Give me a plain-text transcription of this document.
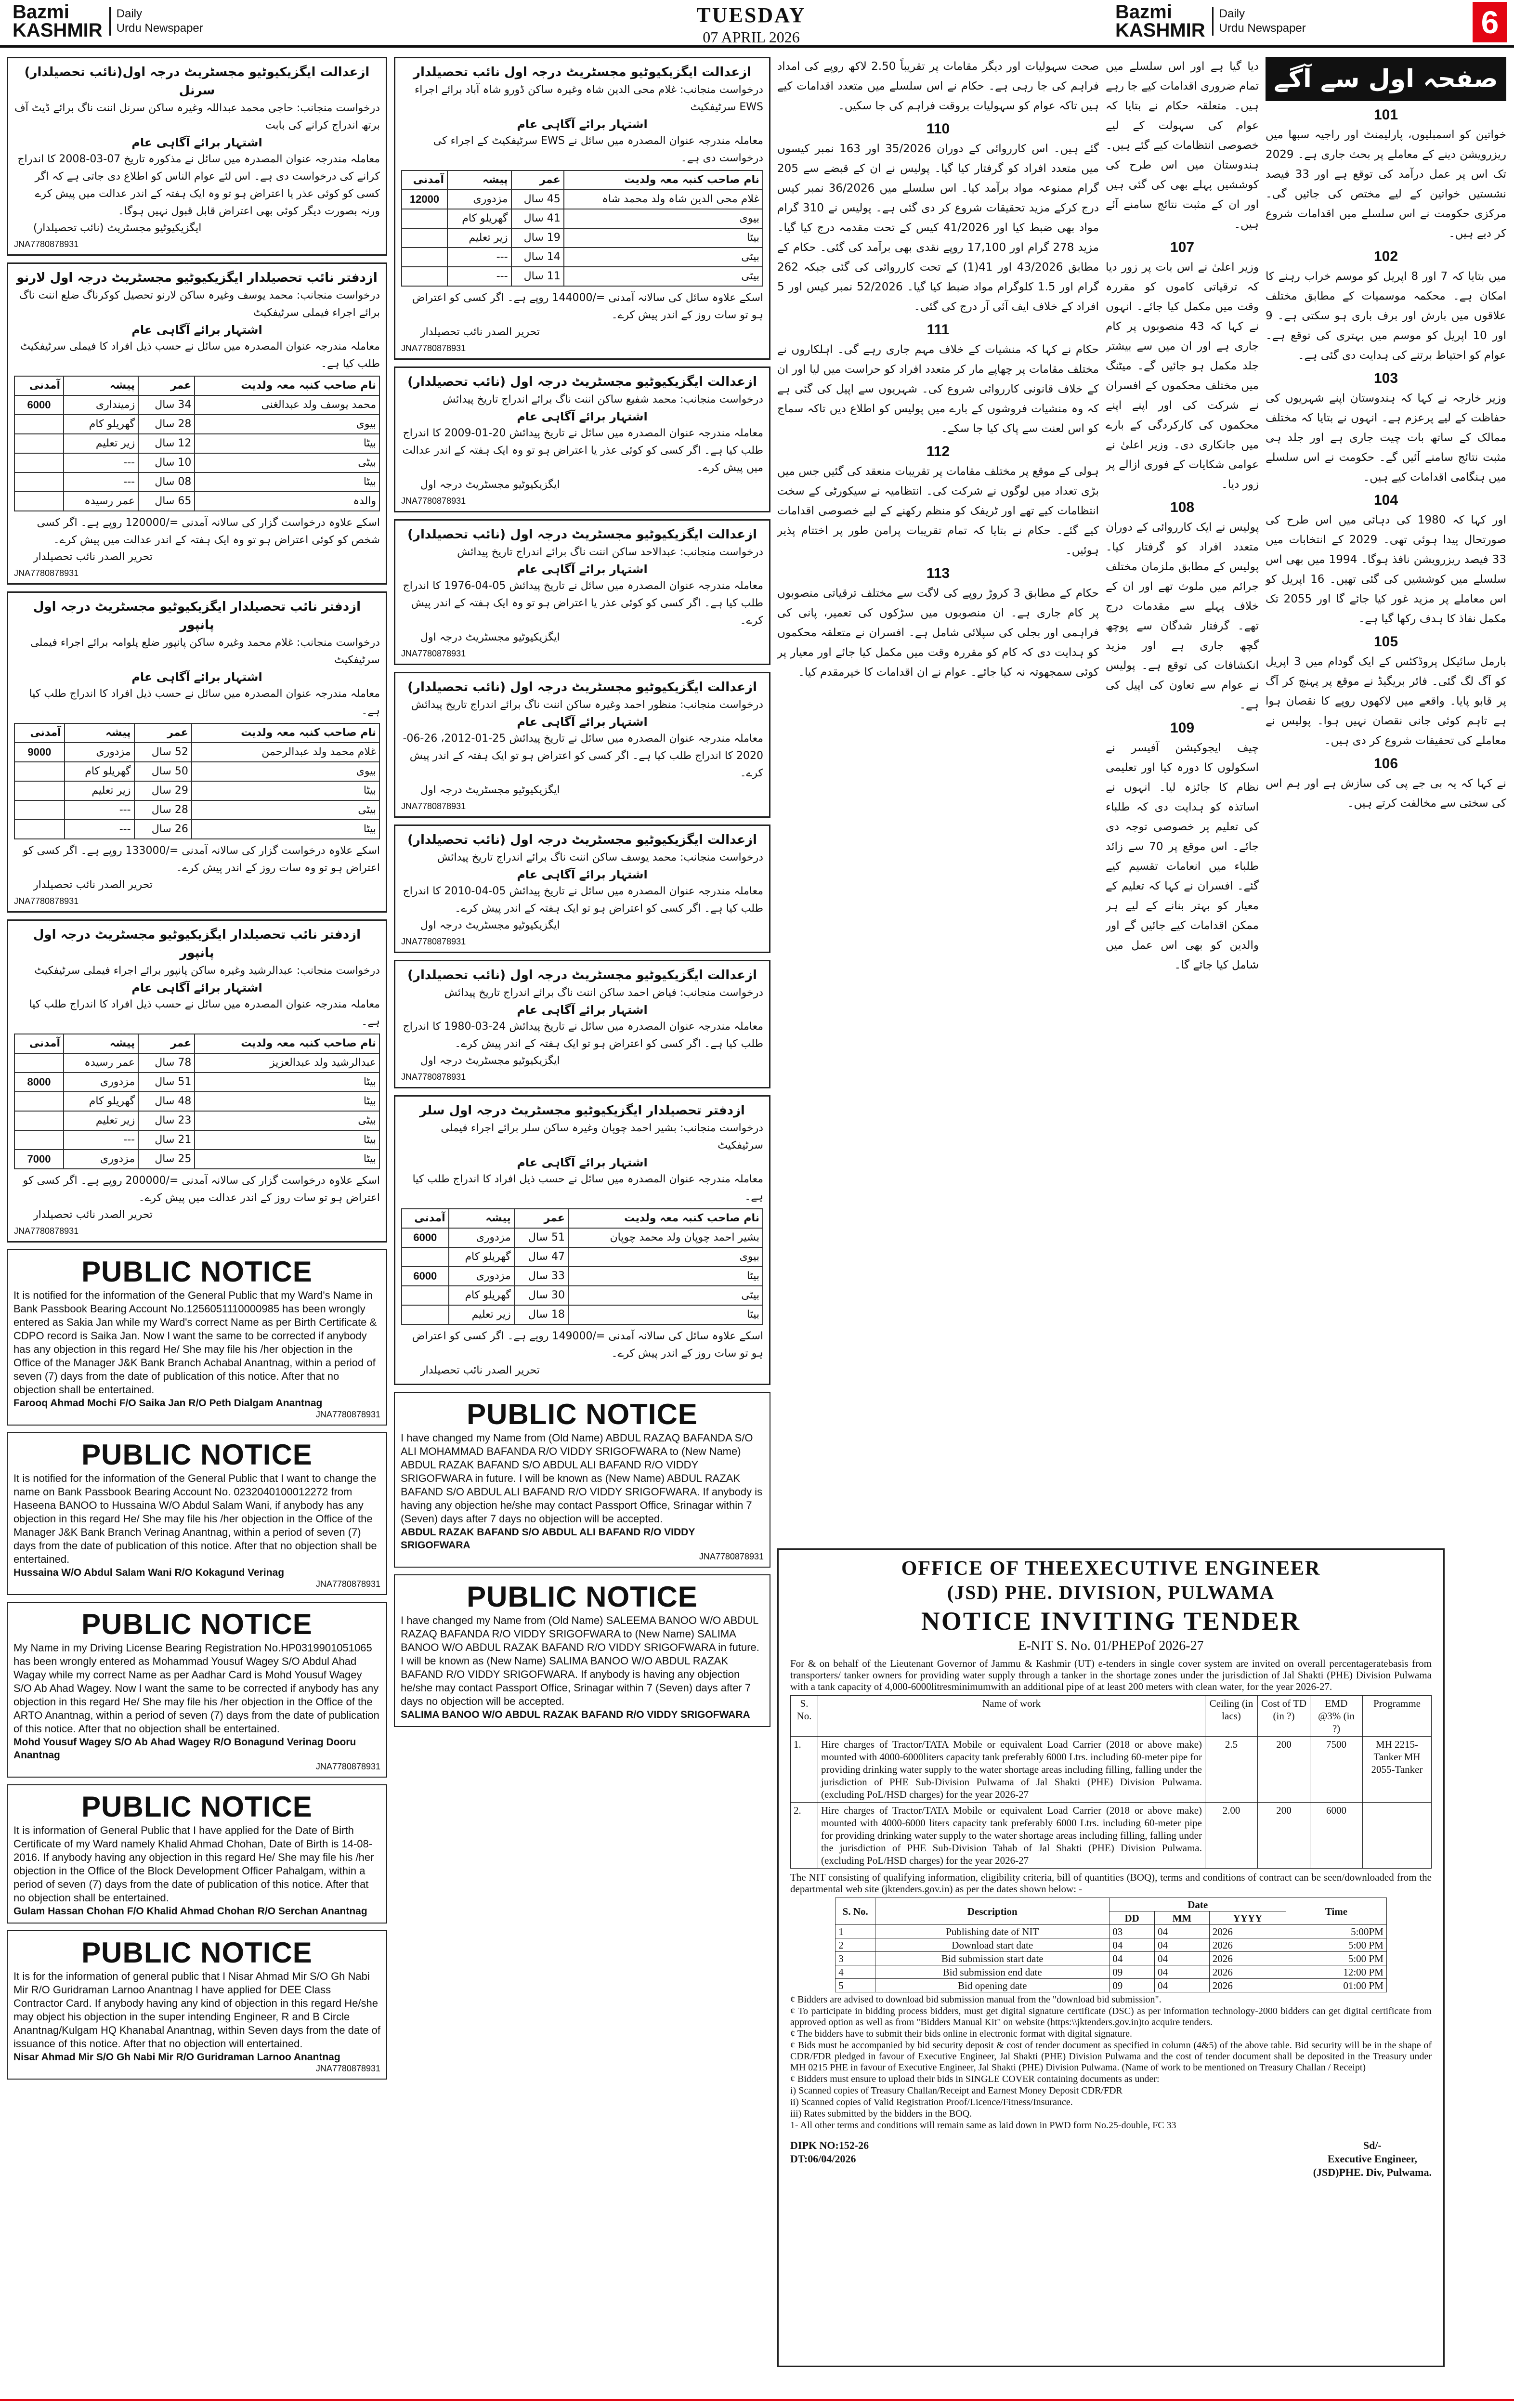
Bazmi
KASHMIR
Daily
Urdu Newspaper
TUESDAY
07 APRIL 2026
Bazmi
KASHMIR
Daily
Urdu Newspaper	6
ازعدالت ایگزیکیوٹیو مجسٹریٹ درجہ اول(نائب تحصیلدار) سرنل
درخواست منجانب: حاجی محمد عبداللہ وغیرہ ساکن سرنل اننت ناگ برائے ڈیٹ آف برتھ اندراج کرانے کی بابت
اشتہار برائے آگاہی عام
معاملہ مندرجہ عنوان المصدرہ میں سائل نے مذکورہ تاریخ 07-03-2008 کا اندراج کرانے کی درخواست دی ہے۔ اس لئے عوام الناس کو اطلاع دی جاتی ہے کہ اگر کسی کو کوئی عذر یا اعتراض ہو تو وہ ایک ہفتہ کے اندر عدالت میں پیش کرے ورنہ بصورت دیگر کوئی بھی اعتراض قابل قبول نہیں ہوگا۔
ایگزیکیوٹیو مجسٹریٹ (نائب تحصیلدار)
JNA7780878931
ازدفتر نائب تحصیلدار ایگزیکیوٹیو مجسٹریٹ درجہ اول لارنو
درخواست منجانب: محمد یوسف وغیرہ ساکن لارنو تحصیل کوکرناگ ضلع اننت ناگ برائے اجراء فیملی سرٹیفکیٹ
اشتہار برائے آگاہی عام
معاملہ مندرجہ عنوان المصدرہ میں سائل نے حسب ذیل افراد کا فیملی سرٹیفکیٹ طلب کیا ہے۔
نام صاحب کنبہ معہ ولدیت	عمر	پیشہ	آمدنی
محمد یوسف ولد عبدالغنی	34 سال	زمینداری	6000
بیوی	28 سال	گھریلو کام	
بیٹا	12 سال	زیر تعلیم	
بیٹی	10 سال	---	
بیٹا	08 سال	---	
والدہ	65 سال	عمر رسیدہ	
اسکے علاوہ درخواست گزار کی سالانہ آمدنی =/120000 روپے ہے۔ اگر کسی شخص کو کوئی اعتراض ہو تو وہ ایک ہفتہ کے اندر عدالت میں پیش کرے۔
تحریر الصدر نائب تحصیلدار
JNA7780878931
ازدفتر نائب تحصیلدار ایگزیکیوٹیو مجسٹریٹ درجہ اول پانپور
درخواست منجانب: غلام محمد وغیرہ ساکن پانپور ضلع پلوامہ برائے اجراء فیملی سرٹیفکیٹ
اشتہار برائے آگاہی عام
معاملہ مندرجہ عنوان المصدرہ میں سائل نے حسب ذیل افراد کا اندراج طلب کیا ہے۔
نام صاحب کنبہ معہ ولدیت	عمر	پیشہ	آمدنی
غلام محمد ولد عبدالرحمن	52 سال	مزدوری	9000
بیوی	50 سال	گھریلو کام	
بیٹا	29 سال	زیر تعلیم	
بیٹی	28 سال	---	
بیٹا	26 سال	---	
اسکے علاوہ درخواست گزار کی سالانہ آمدنی =/133000 روپے ہے۔ اگر کسی کو اعتراض ہو تو وہ سات روز کے اندر پیش کرے۔
تحریر الصدر نائب تحصیلدار
JNA7780878931
ازدفتر نائب تحصیلدار ایگزیکیوٹیو مجسٹریٹ درجہ اول پانپور
درخواست منجانب: عبدالرشید وغیرہ ساکن پانپور برائے اجراء فیملی سرٹیفکیٹ
اشتہار برائے آگاہی عام
معاملہ مندرجہ عنوان المصدرہ میں سائل نے حسب ذیل افراد کا اندراج طلب کیا ہے۔
نام صاحب کنبہ معہ ولدیت	عمر	پیشہ	آمدنی
عبدالرشید ولد عبدالعزیز	78 سال	عمر رسیدہ	
بیٹا	51 سال	مزدوری	8000
بیٹا	48 سال	گھریلو کام	
بیٹی	23 سال	زیر تعلیم	
بیٹا	21 سال	---	
بیٹا	25 سال	مزدوری	7000
اسکے علاوہ درخواست گزار کی سالانہ آمدنی =/200000 روپے ہے۔ اگر کسی کو اعتراض ہو تو سات روز کے اندر عدالت میں پیش کرے۔
تحریر الصدر نائب تحصیلدار
JNA7780878931
PUBLIC NOTICE
It is notified for the information of the General Public that my Ward's Name in Bank Passbook Bearing Account No.1256051110000985 has been wrongly entered as Sakia Jan while my Ward's correct Name as per Birth Certificate & CDPO record is Saika Jan. Now I want the same to be corrected if anybody has any objection in this regard He/ She may file his /her objection in the Office of the Manager J&K Bank Branch Achabal Anantnag, within a period of seven (7) days from the date of publication of this notice. After that no objection shall be entertained.
Farooq Ahmad Mochi F/O Saika Jan R/O Peth Dialgam Anantnag
JNA7780878931
PUBLIC NOTICE
It is notified for the information of the General Public that I want to change the name on Bank Passbook Bearing Account No. 0232040100012272 from Haseena BANOO to Hussaina W/O Abdul Salam Wani, if anybody has any objection in this regard He/ She may file his /her objection in the Office of the Manager J&K Bank Branch Verinag Anantnag, within a period of seven (7) days from the date of publication of this notice. After that no objection shall be entertained.
Hussaina W/O Abdul Salam Wani R/O Kokagund Verinag
JNA7780878931
PUBLIC NOTICE
My Name in my Driving License Bearing Registration No.HP0319901051065 has been wrongly entered as Mohammad Yousuf Wagey S/O Abdul Ahad Wagay while my correct Name as per Aadhar Card is Mohd Yousuf Wagey S/O Ab Ahad Wagey. Now I want the same to be corrected if anybody has any objection in this regard He/ She may file his /her objection in the Office of the ARTO Anantnag, within a period of seven (7) days from the date of publication of this notice. After that no objection shall be entertained.
Mohd Yousuf Wagey S/O Ab Ahad Wagey R/O Bonagund Verinag Dooru Anantnag
JNA7780878931
PUBLIC NOTICE
It is information of General Public that I have applied for the Date of Birth Certificate of my Ward namely Khalid Ahmad Chohan, Date of Birth is 14-08-2016. If anybody having any objection in this regard He/ She may file his /her objection in the Office of the Block Development Officer Pahalgam, within a period of seven (7) days from the date of publication of this notice. After that no objection shall be entertained.
Gulam Hassan Chohan F/O Khalid Ahmad Chohan R/O Serchan Anantnag
PUBLIC NOTICE
It is for the information of general public that I Nisar Ahmad Mir S/O Gh Nabi Mir R/O Guridraman Larnoo Anantnag I have applied for DEE Class Contractor Card. If anybody having any kind of objection in this regard He/she may object his objection in the super intending Engineer, R and B Circle Anantnag/Kulgam HQ Khanabal Anantnag, within Seven days from the date of issuance of this notice. After that no objection will entertained.
Nisar Ahmad Mir S/O Gh Nabi Mir R/O Guridraman Larnoo Anantnag
JNA7780878931
ازعدالت ایگزیکیوٹیو مجسٹریٹ درجہ اول نائب تحصیلدار
درخواست منجانب: غلام محی الدین شاہ وغیرہ ساکن ڈورو شاہ آباد برائے اجراء EWS سرٹیفکیٹ
اشتہار برائے آگاہی عام
معاملہ مندرجہ عنوان المصدرہ میں سائل نے EWS سرٹیفکیٹ کے اجراء کی درخواست دی ہے۔
نام صاحب کنبہ معہ ولدیت	عمر	پیشہ	آمدنی
غلام محی الدین شاہ ولد محمد شاہ	45 سال	مزدوری	12000
بیوی	41 سال	گھریلو کام	
بیٹا	19 سال	زیر تعلیم	
بیٹی	14 سال	---	
بیٹی	11 سال	---	
اسکے علاوہ سائل کی سالانہ آمدنی =/144000 روپے ہے۔ اگر کسی کو اعتراض ہو تو سات روز کے اندر پیش کرے۔
تحریر الصدر نائب تحصیلدار
JNA7780878931
ازعدالت ایگزیکیوٹیو مجسٹریٹ درجہ اول (نائب تحصیلدار)
درخواست منجانب: محمد شفیع ساکن اننت ناگ برائے اندراج تاریخ پیدائش
اشتہار برائے آگاہی عام
معاملہ مندرجہ عنوان المصدرہ میں سائل نے تاریخ پیدائش 20-01-2009 کا اندراج طلب کیا ہے۔ اگر کسی کو کوئی عذر یا اعتراض ہو تو وہ ایک ہفتہ کے اندر عدالت میں پیش کرے۔
ایگزیکیوٹیو مجسٹریٹ درجہ اول
JNA7780878931
ازعدالت ایگزیکیوٹیو مجسٹریٹ درجہ اول (نائب تحصیلدار)
درخواست منجانب: عبدالاحد ساکن اننت ناگ برائے اندراج تاریخ پیدائش
اشتہار برائے آگاہی عام
معاملہ مندرجہ عنوان المصدرہ میں سائل نے تاریخ پیدائش 05-04-1976 کا اندراج طلب کیا ہے۔ اگر کسی کو کوئی عذر یا اعتراض ہو تو وہ ایک ہفتہ کے اندر پیش کرے۔
ایگزیکیوٹیو مجسٹریٹ درجہ اول
JNA7780878931
ازعدالت ایگزیکیوٹیو مجسٹریٹ درجہ اول (نائب تحصیلدار)
درخواست منجانب: منظور احمد وغیرہ ساکن اننت ناگ برائے اندراج تاریخ پیدائش
اشتہار برائے آگاہی عام
معاملہ مندرجہ عنوان المصدرہ میں سائل نے تاریخ پیدائش 25-01-2012، 26-06-2020 کا اندراج طلب کیا ہے۔ اگر کسی کو اعتراض ہو تو ایک ہفتہ کے اندر پیش کرے۔
ایگزیکیوٹیو مجسٹریٹ درجہ اول
JNA7780878931
ازعدالت ایگزیکیوٹیو مجسٹریٹ درجہ اول (نائب تحصیلدار)
درخواست منجانب: محمد یوسف ساکن اننت ناگ برائے اندراج تاریخ پیدائش
اشتہار برائے آگاہی عام
معاملہ مندرجہ عنوان المصدرہ میں سائل نے تاریخ پیدائش 05-04-2010 کا اندراج طلب کیا ہے۔ اگر کسی کو اعتراض ہو تو ایک ہفتہ کے اندر پیش کرے۔
ایگزیکیوٹیو مجسٹریٹ درجہ اول
JNA7780878931
ازعدالت ایگزیکیوٹیو مجسٹریٹ درجہ اول (نائب تحصیلدار)
درخواست منجانب: فیاض احمد ساکن اننت ناگ برائے اندراج تاریخ پیدائش
اشتہار برائے آگاہی عام
معاملہ مندرجہ عنوان المصدرہ میں سائل نے تاریخ پیدائش 24-03-1980 کا اندراج طلب کیا ہے۔ اگر کسی کو اعتراض ہو تو ایک ہفتہ کے اندر پیش کرے۔
ایگزیکیوٹیو مجسٹریٹ درجہ اول
JNA7780878931
ازدفتر تحصیلدار ایگزیکیوٹیو مجسٹریٹ درجہ اول سلر
درخواست منجانب: بشیر احمد چوپان وغیرہ ساکن سلر برائے اجراء فیملی سرٹیفکیٹ
اشتہار برائے آگاہی عام
معاملہ مندرجہ عنوان المصدرہ میں سائل نے حسب ذیل افراد کا اندراج طلب کیا ہے۔
نام صاحب کنبہ معہ ولدیت	عمر	پیشہ	آمدنی
بشیر احمد چوپان ولد محمد چوپان	51 سال	مزدوری	6000
بیوی	47 سال	گھریلو کام	
بیٹا	33 سال	مزدوری	6000
بیٹی	30 سال	گھریلو کام	
بیٹا	18 سال	زیر تعلیم	
اسکے علاوہ سائل کی سالانہ آمدنی =/149000 روپے ہے۔ اگر کسی کو اعتراض ہو تو سات روز کے اندر پیش کرے۔
تحریر الصدر نائب تحصیلدار
PUBLIC NOTICE
I have changed my Name from (Old Name) ABDUL RAZAQ BAFANDA S/O ALI MOHAMMAD BAFANDA R/O VIDDY SRIGOFWARA to (New Name) ABDUL RAZAK BAFAND S/O ABDUL ALI BAFAND R/O VIDDY SRIGOFWARA in future. I will be known as (New Name) ABDUL RAZAK BAFAND S/O ABDUL ALI BAFAND R/O VIDDY SRIGOFWARA. If anybody is having any objection he/she may contact Passport Office, Srinagar within 7 (Seven) days after 7 days no objection will be accepted.
ABDUL RAZAK BAFAND S/O ABDUL ALI BAFAND R/O VIDDY SRIGOFWARA
JNA7780878931
PUBLIC NOTICE
I have changed my Name from (Old Name) SALEEMA BANOO W/O ABDUL RAZAQ BAFANDA R/O VIDDY SRIGOFWARA to (New Name) SALIMA BANOO W/O ABDUL RAZAK BAFAND R/O VIDDY SRIGOFWARA in future. I will be known as (New Name) SALIMA BANOO W/O ABDUL RAZAK BAFAND R/O VIDDY SRIGOFWARA. If anybody is having any objection he/she may contact Passport Office, Srinagar within 7 (Seven) days after 7 days no objection will be accepted.
SALIMA BANOO W/O ABDUL RAZAK BAFAND R/O VIDDY SRIGOFWARA
صحت سہولیات اور دیگر مقامات پر تقریباً 2.50 لاکھ روپے کی امداد فراہم کی جا رہی ہے۔ حکام نے اس سلسلے میں متعدد اقدامات کیے ہیں تاکہ عوام کو سہولیات بروقت فراہم کی جا سکیں۔
110
گئے ہیں۔ اس کارروائی کے دوران 35/2026 اور 163 نمبر کیسوں میں متعدد افراد کو گرفتار کیا گیا۔ پولیس نے ان کے قبضے سے 205 گرام ممنوعہ مواد برآمد کیا۔ اس سلسلے میں 36/2026 نمبر کیس درج کرکے مزید تحقیقات شروع کر دی گئی ہے۔ پولیس نے 310 گرام مواد بھی ضبط کیا اور 41/2026 کیس کے تحت مقدمہ درج کیا گیا۔ مزید 278 گرام اور 17,100 روپے نقدی بھی برآمد کی گئی۔ حکام کے مطابق 43/2026 اور 41(1) کے تحت کارروائی کی گئی جبکہ 262 گرام اور 1.5 کلوگرام مواد ضبط کیا گیا۔ 52/2026 نمبر کیس اور 5 افراد کے خلاف ایف آئی آر درج کی گئی۔
111
حکام نے کہا کہ منشیات کے خلاف مہم جاری رہے گی۔ اہلکاروں نے مختلف مقامات پر چھاپے مار کر متعدد افراد کو حراست میں لیا اور ان کے خلاف قانونی کارروائی شروع کی۔ شہریوں سے اپیل کی گئی ہے کہ وہ منشیات فروشوں کے بارے میں پولیس کو اطلاع دیں تاکہ سماج کو اس لعنت سے پاک کیا جا سکے۔
112
ہولی کے موقع پر مختلف مقامات پر تقریبات منعقد کی گئیں جس میں بڑی تعداد میں لوگوں نے شرکت کی۔ انتظامیہ نے سیکورٹی کے سخت انتظامات کیے تھے اور ٹریفک کو منظم رکھنے کے لیے خصوصی اقدامات کیے گئے۔ حکام نے بتایا کہ تمام تقریبات پرامن طور پر اختتام پذیر ہوئیں۔
113
حکام کے مطابق 3 کروڑ روپے کی لاگت سے مختلف ترقیاتی منصوبوں پر کام جاری ہے۔ ان منصوبوں میں سڑکوں کی تعمیر، پانی کی فراہمی اور بجلی کی سپلائی شامل ہے۔ افسران نے متعلقہ محکموں کو ہدایت دی کہ کام کو مقررہ وقت میں مکمل کیا جائے اور معیار پر کوئی سمجھوتہ نہ کیا جائے۔ عوام نے ان اقدامات کا خیرمقدم کیا۔
دیا گیا ہے اور اس سلسلے میں تمام ضروری اقدامات کیے جا رہے ہیں۔ متعلقہ حکام نے بتایا کہ عوام کی سہولت کے لیے خصوصی انتظامات کیے گئے ہیں۔ ہندوستان میں اس طرح کی کوششیں پہلے بھی کی گئی ہیں اور ان کے مثبت نتائج سامنے آئے ہیں۔
107
وزیر اعلیٰ نے اس بات پر زور دیا کہ ترقیاتی کاموں کو مقررہ وقت میں مکمل کیا جائے۔ انہوں نے کہا کہ 43 منصوبوں پر کام جاری ہے اور ان میں سے بیشتر جلد مکمل ہو جائیں گے۔ میٹنگ میں مختلف محکموں کے افسران نے شرکت کی اور اپنے اپنے محکموں کی کارکردگی کے بارے میں جانکاری دی۔ وزیر اعلیٰ نے عوامی شکایات کے فوری ازالے پر زور دیا۔
108
پولیس نے ایک کارروائی کے دوران متعدد افراد کو گرفتار کیا۔ پولیس کے مطابق ملزمان مختلف جرائم میں ملوث تھے اور ان کے خلاف پہلے سے مقدمات درج تھے۔ گرفتار شدگان سے پوچھ گچھ جاری ہے اور مزید انکشافات کی توقع ہے۔ پولیس نے عوام سے تعاون کی اپیل کی ہے۔
109
چیف ایجوکیشن آفیسر نے اسکولوں کا دورہ کیا اور تعلیمی نظام کا جائزہ لیا۔ انہوں نے اساتذہ کو ہدایت دی کہ طلباء کی تعلیم پر خصوصی توجہ دی جائے۔ اس موقع پر 70 سے زائد طلباء میں انعامات تقسیم کیے گئے۔ افسران نے کہا کہ تعلیم کے معیار کو بہتر بنانے کے لیے ہر ممکن اقدامات کیے جائیں گے اور والدین کو بھی اس عمل میں شامل کیا جائے گا۔
صفحہ اول سے آگے
101
خواتین کو اسمبلیوں، پارلیمنٹ اور راجیہ سبھا میں ریزرویشن دینے کے معاملے پر بحث جاری ہے۔ 2029 تک اس پر عمل درآمد کی توقع ہے اور 33 فیصد نشستیں خواتین کے لیے مختص کی جائیں گی۔ مرکزی حکومت نے اس سلسلے میں اقدامات شروع کر دیے ہیں۔
102
میں بتایا کہ 7 اور 8 اپریل کو موسم خراب رہنے کا امکان ہے۔ محکمہ موسمیات کے مطابق مختلف علاقوں میں بارش اور برف باری ہو سکتی ہے۔ 9 اور 10 اپریل کو موسم میں بہتری کی توقع ہے۔ عوام کو احتیاط برتنے کی ہدایت دی گئی ہے۔
103
وزیر خارجہ نے کہا کہ ہندوستان اپنے شہریوں کی حفاظت کے لیے پرعزم ہے۔ انہوں نے بتایا کہ مختلف ممالک کے ساتھ بات چیت جاری ہے اور جلد ہی مثبت نتائج سامنے آئیں گے۔ حکومت نے اس سلسلے میں ہنگامی اقدامات کیے ہیں۔
104
اور کہا کہ 1980 کی دہائی میں اس طرح کی صورتحال پیدا ہوئی تھی۔ 2029 کے انتخابات میں 33 فیصد ریزرویشن نافذ ہوگا۔ 1994 میں بھی اس سلسلے میں کوششیں کی گئی تھیں۔ 16 اپریل کو اس معاملے پر مزید غور کیا جائے گا اور 2055 تک مکمل نفاذ کا ہدف رکھا گیا ہے۔
105
بارمل سائیکل پروڈکٹس کے ایک گودام میں 3 اپریل کو آگ لگ گئی۔ فائر بریگیڈ نے موقع پر پہنچ کر آگ پر قابو پایا۔ واقعے میں لاکھوں روپے کا نقصان ہوا ہے تاہم کوئی جانی نقصان نہیں ہوا۔ پولیس نے معاملے کی تحقیقات شروع کر دی ہیں۔
106
نے کہا کہ یہ بی جے پی کی سازش ہے اور ہم اس کی سختی سے مخالفت کرتے ہیں۔
OFFICE OF THEEXECUTIVE ENGINEER
(JSD) PHE. DIVISION, PULWAMA
NOTICE INVITING TENDER
E-NIT S. No. 01/PHEPof 2026-27
For & on behalf of the Lieutenant Governor of Jammu & Kashmir (UT) e-tenders in single cover system are invited on overall percentageratebasis from transporters/ tanker owners for providing water supply through a tanker in the shortage zones under the jurisdiction of Jal Shakti (PHE) Division Pulwama with a tank capacity of 4,000-6000litresminimumwith an additional pipe of at least 200 meters with clean water, for the year 2026-27.
S. No.	Name of work	Ceiling (in lacs)	Cost of TD (in ?)	EMD @3% (in ?)	Programme
1.	Hire charges of Tractor/TATA Mobile or equivalent Load Carrier (2018 or above make) mounted with 4000-6000liters capacity tank preferably 6000 Ltrs. including 60-meter pipe for providing drinking water supply to the water shortage areas including filling, falling under the jurisdiction of PHE Sub-Division Pulwama of Jal Shakti (PHE) Division Pulwama. (excluding PoL/HSD charges) for the year 2026-27	2.5	200	7500	MH 2215-Tanker MH 2055-Tanker
2.	Hire charges of Tractor/TATA Mobile or equivalent Load Carrier (2018 or above make) mounted with 4000-6000 liters capacity tank preferably 6000 Ltrs. including 60-meter pipe for providing drinking water supply to the water shortage areas including filling, falling under the jurisdiction of PHE Sub-Division Tahab of Jal Shakti (PHE) Division Pulwama. (excluding PoL/HSD charges) for the year 2026-27	2.00	200	6000	
The NIT consisting of qualifying information, eligibility criteria, bill of quantities (BOQ), terms and conditions of contract can be seen/downloaded from the departmental web site (jktenders.gov.in) as per the dates shown below: -
S. No.	Description	Date			Time
		DD	MM	YYYY	
1	Publishing date of NIT	03	04	2026	5:00PM
2	Download start date	04	04	2026	5:00 PM
3	Bid submission start date	04	04	2026	5:00 PM
4	Bid submission end date	09	04	2026	12:00 PM
5	Bid opening date	09	04	2026	01:00 PM
¢ Bidders are advised to download bid submission manual from the "download bid submission".
¢ To participate in bidding process bidders, must get digital signature certificate (DSC) as per information technology-2000 bidders can get digital certificate from approved option as well as from "Bidders Manual Kit" on website (https:\\jktenders.gov.in)to acquire tenders.
¢ The bidders have to submit their bids online in electronic format with digital signature.
¢ Bids must be accompanied by bid security deposit & cost of tender document as specified in column (4&5) of the above table. Bid security will be in the shape of CDR/FDR pledged in favour of Executive Engineer, Jal Shakti (PHE) Division Pulwama and the cost of tender document shall be deposited in the Treasury under MH 0215 PHE in favour of Executive Engineer, Jal Shakti (PHE) Division Pulwama. (Name of work to be mentioned on Treasury Challan / Receipt)
¢ Bidders must ensure to upload their bids in SINGLE COVER containing documents as under:
i) Scanned copies of Treasury Challan/Receipt and Earnest Money Deposit CDR/FDR
ii) Scanned copies of Valid Registration Proof/Licence/Fitness/Insurance.
iii) Rates submitted by the bidders in the BOQ.
1- All other terms and conditions will remain same as laid down in PWD form No.25-double, FC 33
DIPK NO:152-26
DT:06/04/2026
Sd/-
Executive Engineer,
(JSD)PHE. Div, Pulwama.
